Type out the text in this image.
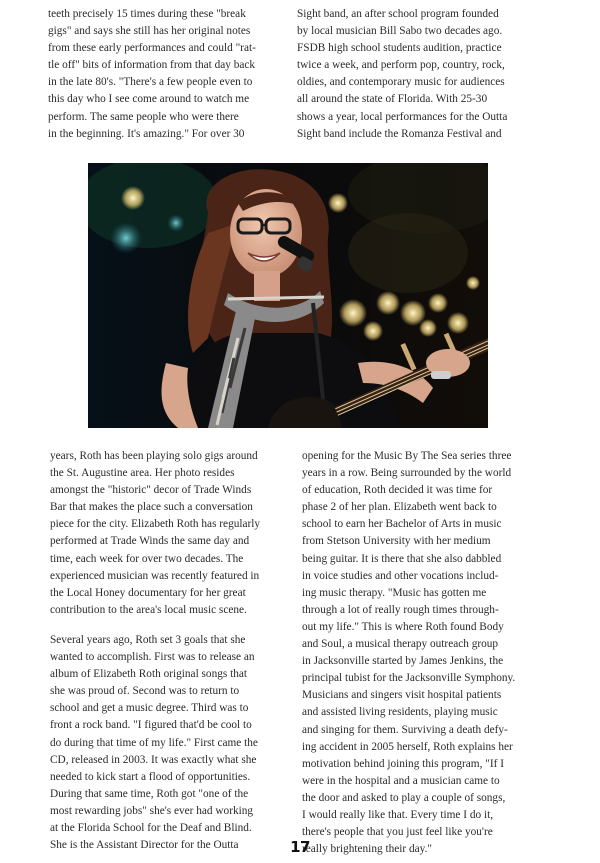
teeth precisely 15 times during these "break
gigs" and says she still has her original notes
from these early performances and could "rat-
tle off" bits of information from that day back
in the late 80's. "There's a few people even to
this day who I see come around to watch me
perform. The same people who were there
in the beginning. It's amazing." For over 30
Sight band, an after school program founded
by local musician Bill Sabo two decades ago.
FSDB high school students audition, practice
twice a week, and perform pop, country, rock,
oldies, and contemporary music for audiences
all around the state of Florida. With 25-30
shows a year, local performances for the Outta
Sight band include the Romanza Festival and
years, Roth has been playing solo gigs around
the St. Augustine area. Her photo resides
amongst the "historic" decor of Trade Winds
Bar that makes the place such a conversation
piece for the city. Elizabeth Roth has regularly
performed at Trade Winds the same day and
time, each week for over two decades. The
experienced musician was recently featured in
the Local Honey documentary for her great
contribution to the area's local music scene.
Several years ago, Roth set 3 goals that she
wanted to accomplish. First was to release an
album of Elizabeth Roth original songs that
she was proud of. Second was to return to
school and get a music degree. Third was to
front a rock band. "I figured that'd be cool to
do during that time of my life." First came the
CD, released in 2003. It was exactly what she
needed to kick start a flood of opportunities.
During that same time, Roth got "one of the
most rewarding jobs" she's ever had working
at the Florida School for the Deaf and Blind.
She is the Assistant Director for the Outta
opening for the Music By The Sea series three
years in a row. Being surrounded by the world
of education, Roth decided it was time for
phase 2 of her plan. Elizabeth went back to
school to earn her Bachelor of Arts in music
from Stetson University with her medium
being guitar. It is there that she also dabbled
in voice studies and other vocations includ-
ing music therapy. "Music has gotten me
through a lot of really rough times through-
out my life." This is where Roth found Body
and Soul, a musical therapy outreach group
in Jacksonville started by James Jenkins, the
principal tubist for the Jacksonville Symphony.
Musicians and singers visit hospital patients
and assisted living residents, playing music
and singing for them. Surviving a death defy-
ing accident in 2005 herself, Roth explains her
motivation behind joining this program, "If I
were in the hospital and a musician came to
the door and asked to play a couple of songs,
I would really like that. Every time I do it,
there's people that you just feel like you're
really brightening their day."
17
